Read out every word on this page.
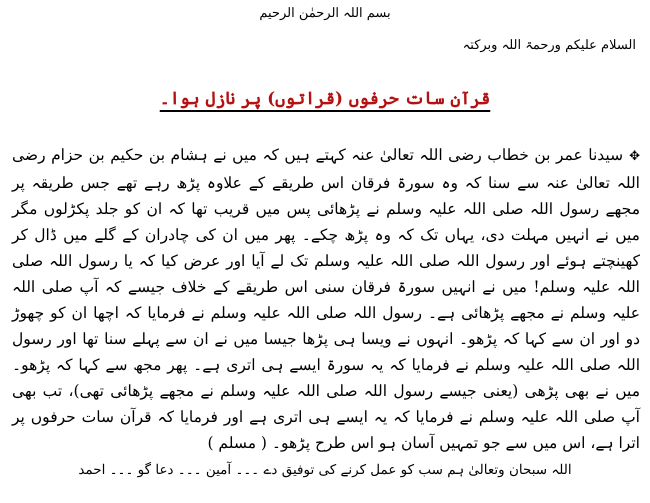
بسم اللہ الرحمٰن الرحیم
السلام علیکم ورحمۃ اللہ وبرکتہ
قرآن سات حرفوں (قراتوں) پر نازل ہوا۔
✥سیدنا عمر بن خطاب رضی اللہ تعالیٰ عنہ کہتے ہیں کہ میں نے ہشام بن حکیم بن حزام رضی اللہ تعالیٰ عنہ سے سنا کہ وہ سورۃ فرقان اس طریقے کے علاوہ پڑھ رہے تھے جس طریقہ پر مجھے رسول اللہ صلی اللہ علیہ وسلم نے پڑھائی پس میں قریب تھا کہ ان کو جلد پکڑلوں مگر میں نے انہیں مہلت دی، یہاں تک کہ وہ پڑھ چکے۔ پھر میں ان کی چادران کے گلے میں ڈال کر کھینچتے ہوئے اور رسول اللہ صلی اللہ علیہ وسلم تک لے آیا اور عرض کیا کہ یا رسول اللہ صلی اللہ علیہ وسلم! میں نے انہیں سورۃ فرقان سنی اس طریقے کے خلاف جیسے کہ آپ صلی اللہ علیہ وسلم نے مجھے پڑھائی ہے۔ رسول اللہ صلی اللہ علیہ وسلم نے فرمایا کہ اچھا ان کو چھوڑ دو اور ان سے کہا کہ پڑھو۔ انہوں نے ویسا ہی پڑھا جیسا میں نے ان سے پہلے سنا تھا اور رسول اللہ صلی اللہ علیہ وسلم نے فرمایا کہ یہ سورۃ ایسے ہی اتری ہے۔ پھر مجھ سے کہا کہ پڑھو۔ میں نے بھی پڑھی (یعنی جیسے رسول اللہ صلی اللہ علیہ وسلم نے مجھے پڑھائی تھی)، تب بھی آپ صلی اللہ علیہ وسلم نے فرمایا کہ یہ ایسے ہی اتری ہے اور فرمایا کہ قرآن سات حرفوں پر اترا ہے، اس میں سے جو تمہیں آسان ہو اس طرح پڑھو۔ ( مسلم )
اللہ سبحان وتعالیٰ ہم سب کو عمل کرنے کی توفیق دے ۔۔۔ آمین ۔۔۔ دعا گو ۔۔۔ احمد
